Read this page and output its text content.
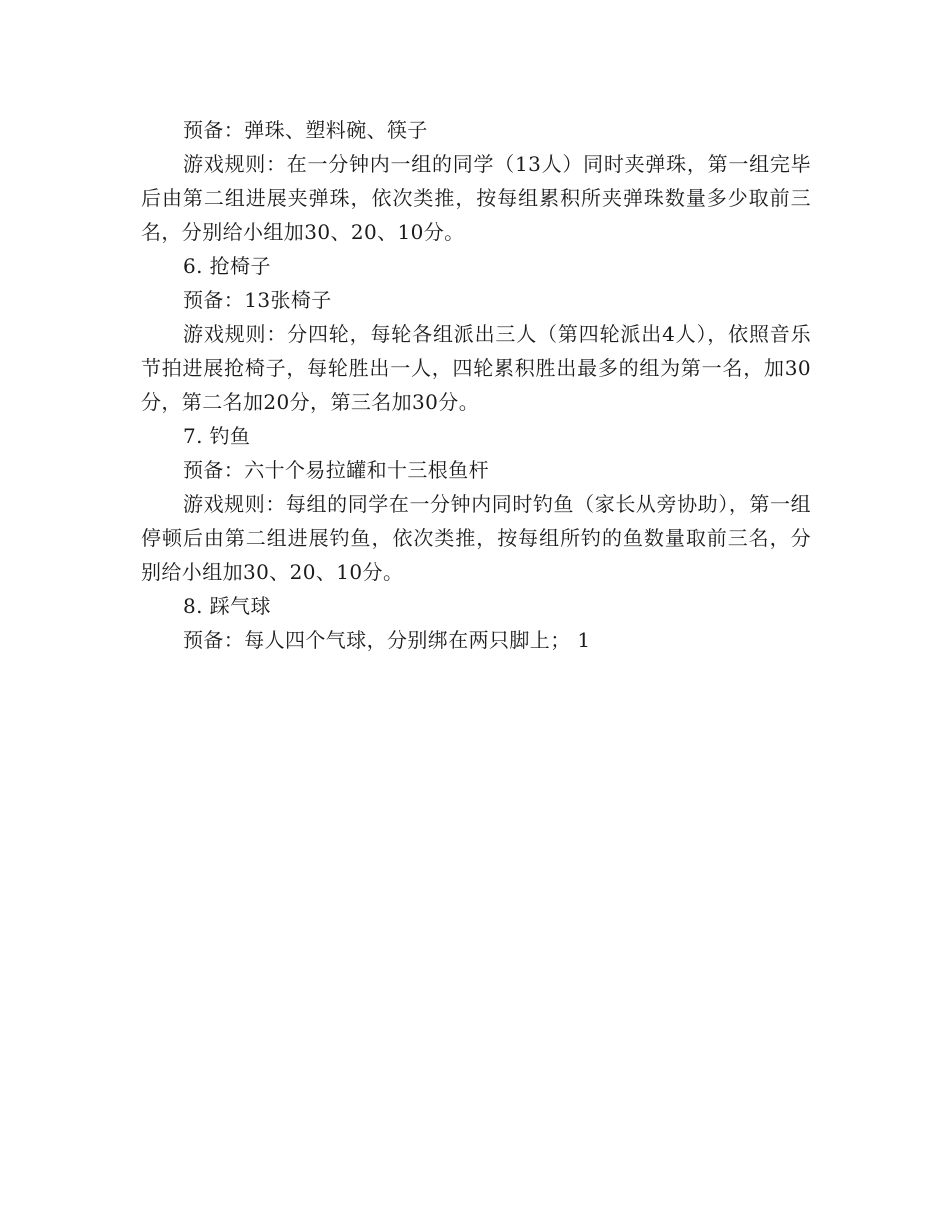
预备：弹珠、塑料碗、筷子

游戏规则：在一分钟内一组的同学（13人）同时夹弹珠，第一组完毕后由第二组进展夹弹珠，依次类推，按每组累积所夹弹珠数量多少取前三名，分别给小组加30、20、10分。

6. 抢椅子

预备：13张椅子

游戏规则：分四轮，每轮各组派出三人（第四轮派出4人），依照音乐节拍进展抢椅子，每轮胜出一人，四轮累积胜出最多的组为第一名，加30分，第二名加20分，第三名加30分。

7. 钓鱼

预备：六十个易拉罐和十三根鱼杆

游戏规则：每组的同学在一分钟内同时钓鱼（家长从旁协助），第一组停顿后由第二组进展钓鱼，依次类推，按每组所钓的鱼数量取前三名，分别给小组加30、20、10分。

8. 踩气球

预备：每人四个气球，分别绑在两只脚上； 1
